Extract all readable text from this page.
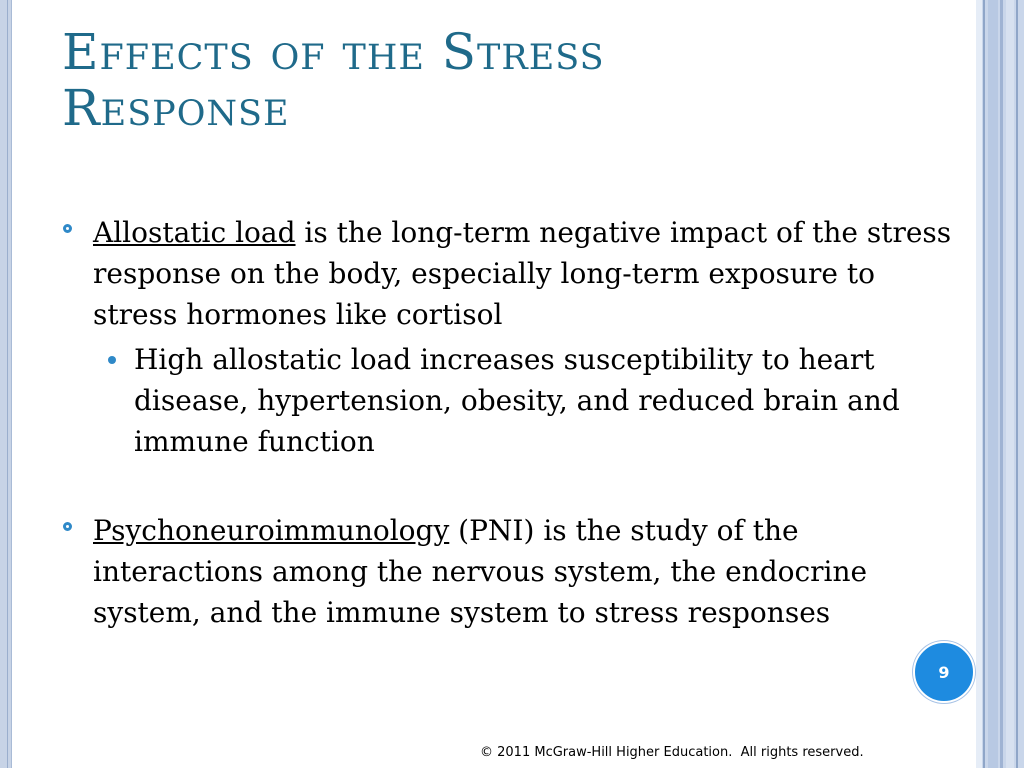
Effects of the Stress
Response
Allostatic load is the long-term negative impact of the stress response on the body, especially long-term exposure to stress hormones like cortisol
High allostatic load increases susceptibility to heart disease, hypertension, obesity, and reduced brain and immune function
Psychoneuroimmunology (PNI) is the study of the interactions among the nervous system, the endocrine system, and the immune system to stress responses
9
© 2011 McGraw-Hill Higher Education.  All rights reserved.
